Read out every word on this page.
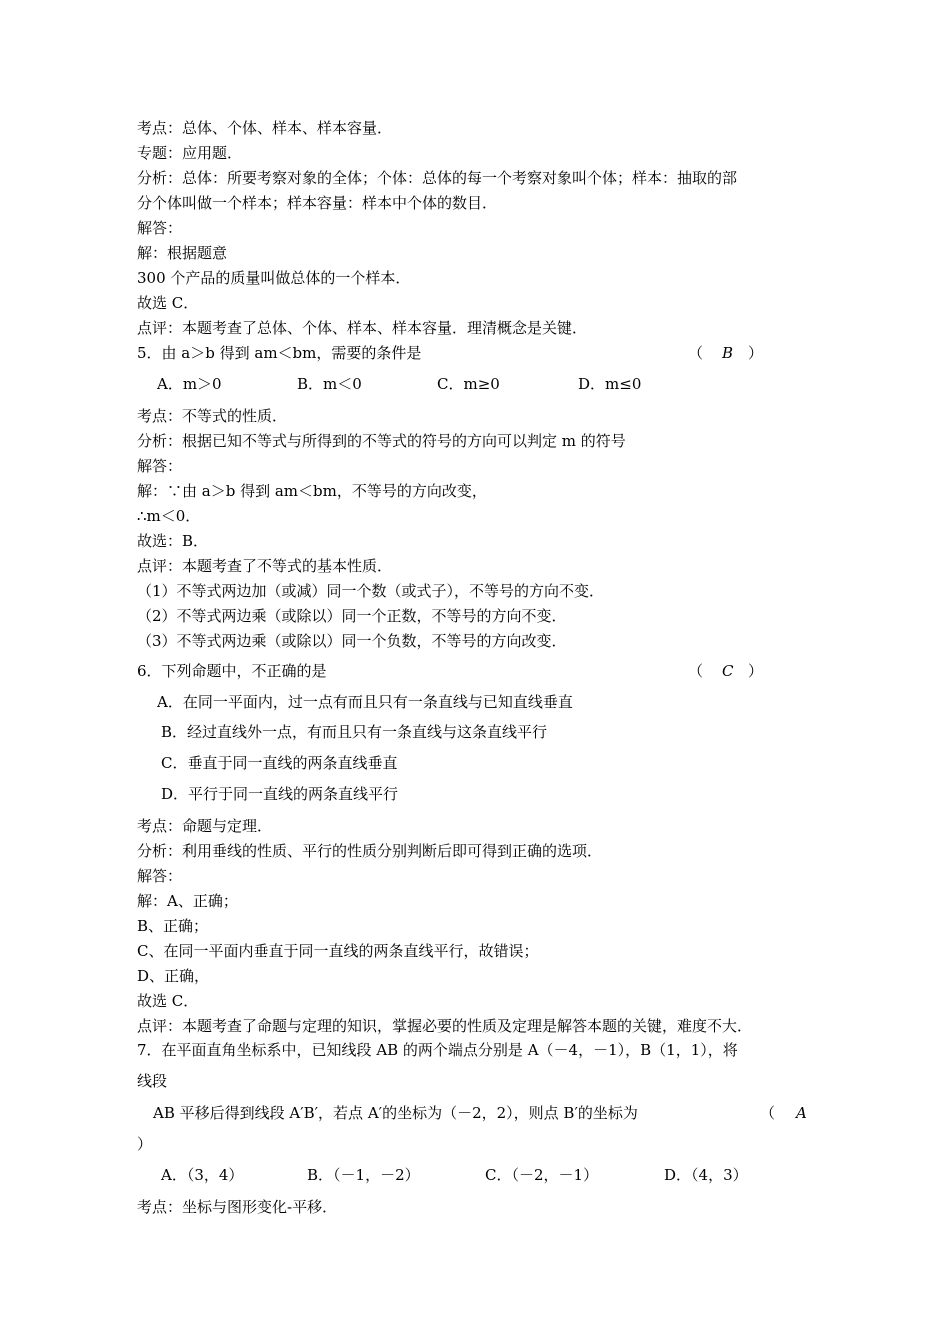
考点：总体、个体、样本、样本容量．
专题：应用题．
分析：总体：所要考察对象的全体；个体：总体的每一个考察对象叫个体；样本：抽取的部
分个体叫做一个样本；样本容量：样本中个体的数目．
解答：
解：根据题意
300 个产品的质量叫做总体的一个样本．
故选 C．
点评：本题考查了总体、个体、样本、样本容量．理清概念是关键．
5．由 a＞b 得到 am＜bm，需要的条件是	（ B ）
A．m＞0	B．m＜0	C．m≥0	D．m≤0
考点：不等式的性质．
分析：根据已知不等式与所得到的不等式的符号的方向可以判定 m 的符号
解答：
解：∵由 a＞b 得到 am＜bm，不等号的方向改变，
∴m＜0．
故选：B．
点评：本题考查了不等式的基本性质．
（1）不等式两边加（或减）同一个数（或式子），不等号的方向不变．
（2）不等式两边乘（或除以）同一个正数，不等号的方向不变．
（3）不等式两边乘（或除以）同一个负数，不等号的方向改变．
6．下列命题中，不正确的是	（ C ）
A．在同一平面内，过一点有而且只有一条直线与已知直线垂直
B．经过直线外一点，有而且只有一条直线与这条直线平行
C．垂直于同一直线的两条直线垂直
D．平行于同一直线的两条直线平行
考点：命题与定理．
分析：利用垂线的性质、平行的性质分别判断后即可得到正确的选项．
解答：
解：A、正确；
B、正确；
C、在同一平面内垂直于同一直线的两条直线平行，故错误；
D、正确，
故选 C．
点评：本题考查了命题与定理的知识，掌握必要的性质及定理是解答本题的关键，难度不大．
7．在平面直角坐标系中，已知线段 AB 的两个端点分别是 A（－4，－1），B（1，1），将
线段
AB 平移后得到线段 A′B′，若点 A′的坐标为（－2，2），则点 B′的坐标为	（ A
）
A．（3，4）	B．（－1，－2）	C．（－2，－1）	D．（4，3）
考点：坐标与图形变化-平移．
